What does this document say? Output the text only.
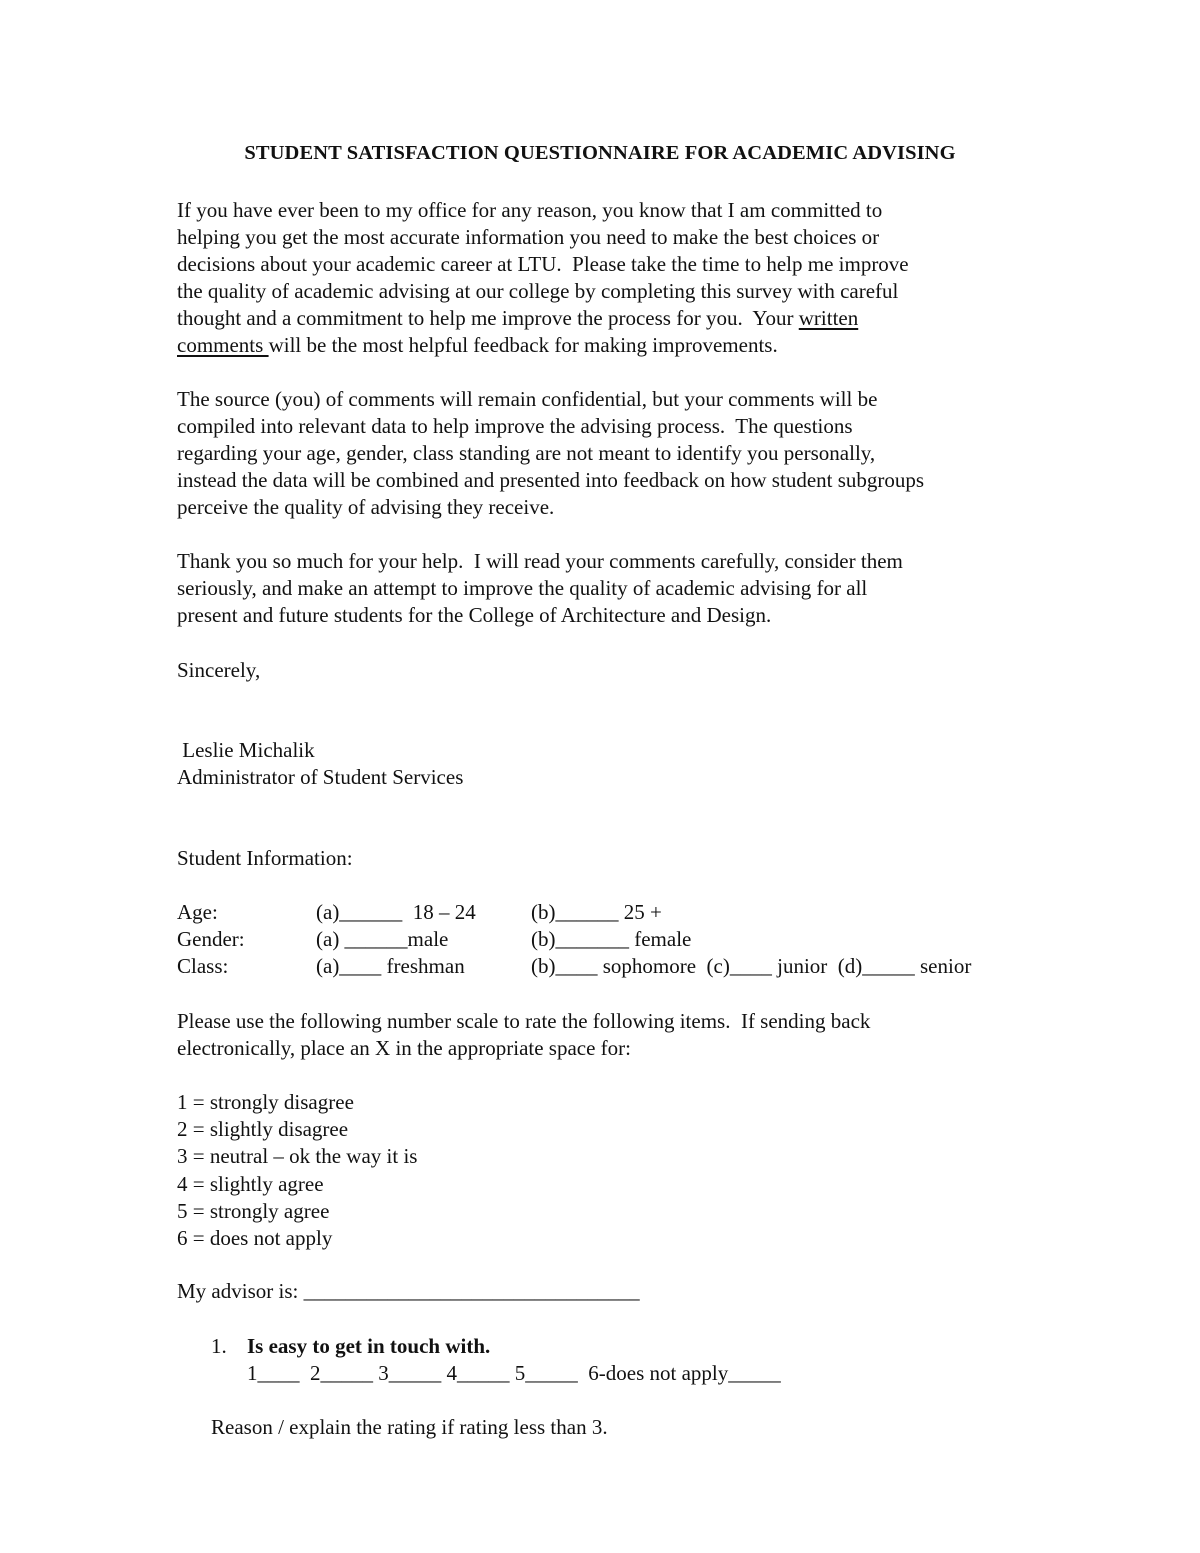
STUDENT SATISFACTION QUESTIONNAIRE FOR ACADEMIC ADVISING
If you have ever been to my office for any reason, you know that I am committed to
helping you get the most accurate information you need to make the best choices or
decisions about your academic career at LTU.  Please take the time to help me improve
the quality of academic advising at our college by completing this survey with careful
thought and a commitment to help me improve the process for you.  Your written
comments will be the most helpful feedback for making improvements.
The source (you) of comments will remain confidential, but your comments will be
compiled into relevant data to help improve the advising process.  The questions
regarding your age, gender, class standing are not meant to identify you personally,
instead the data will be combined and presented into feedback on how student subgroups
perceive the quality of advising they receive.
Thank you so much for your help.  I will read your comments carefully, consider them
seriously, and make an attempt to improve the quality of academic advising for all
present and future students for the College of Architecture and Design.

Sincerely,

Leslie Michalik

Administrator of Student Services

Student Information:

Age:	(a)______  18 – 24	(b)______ 25 +

Gender:	(a) ______male	(b)_______ female

Class:	(a)____ freshman	(b)____ sophomore  (c)____ junior  (d)_____ senior

Please use the following number scale to rate the following items.  If sending back
electronically, place an X in the appropriate space for:
1 = strongly disagree
2 = slightly disagree
3 = neutral – ok the way it is
4 = slightly agree
5 = strongly agree
6 = does not apply

My advisor is: ________________________________

1. Is easy to get in touch with.

1____  2_____ 3_____ 4_____ 5_____  6-does not apply_____

Reason / explain the rating if rating less than 3.
